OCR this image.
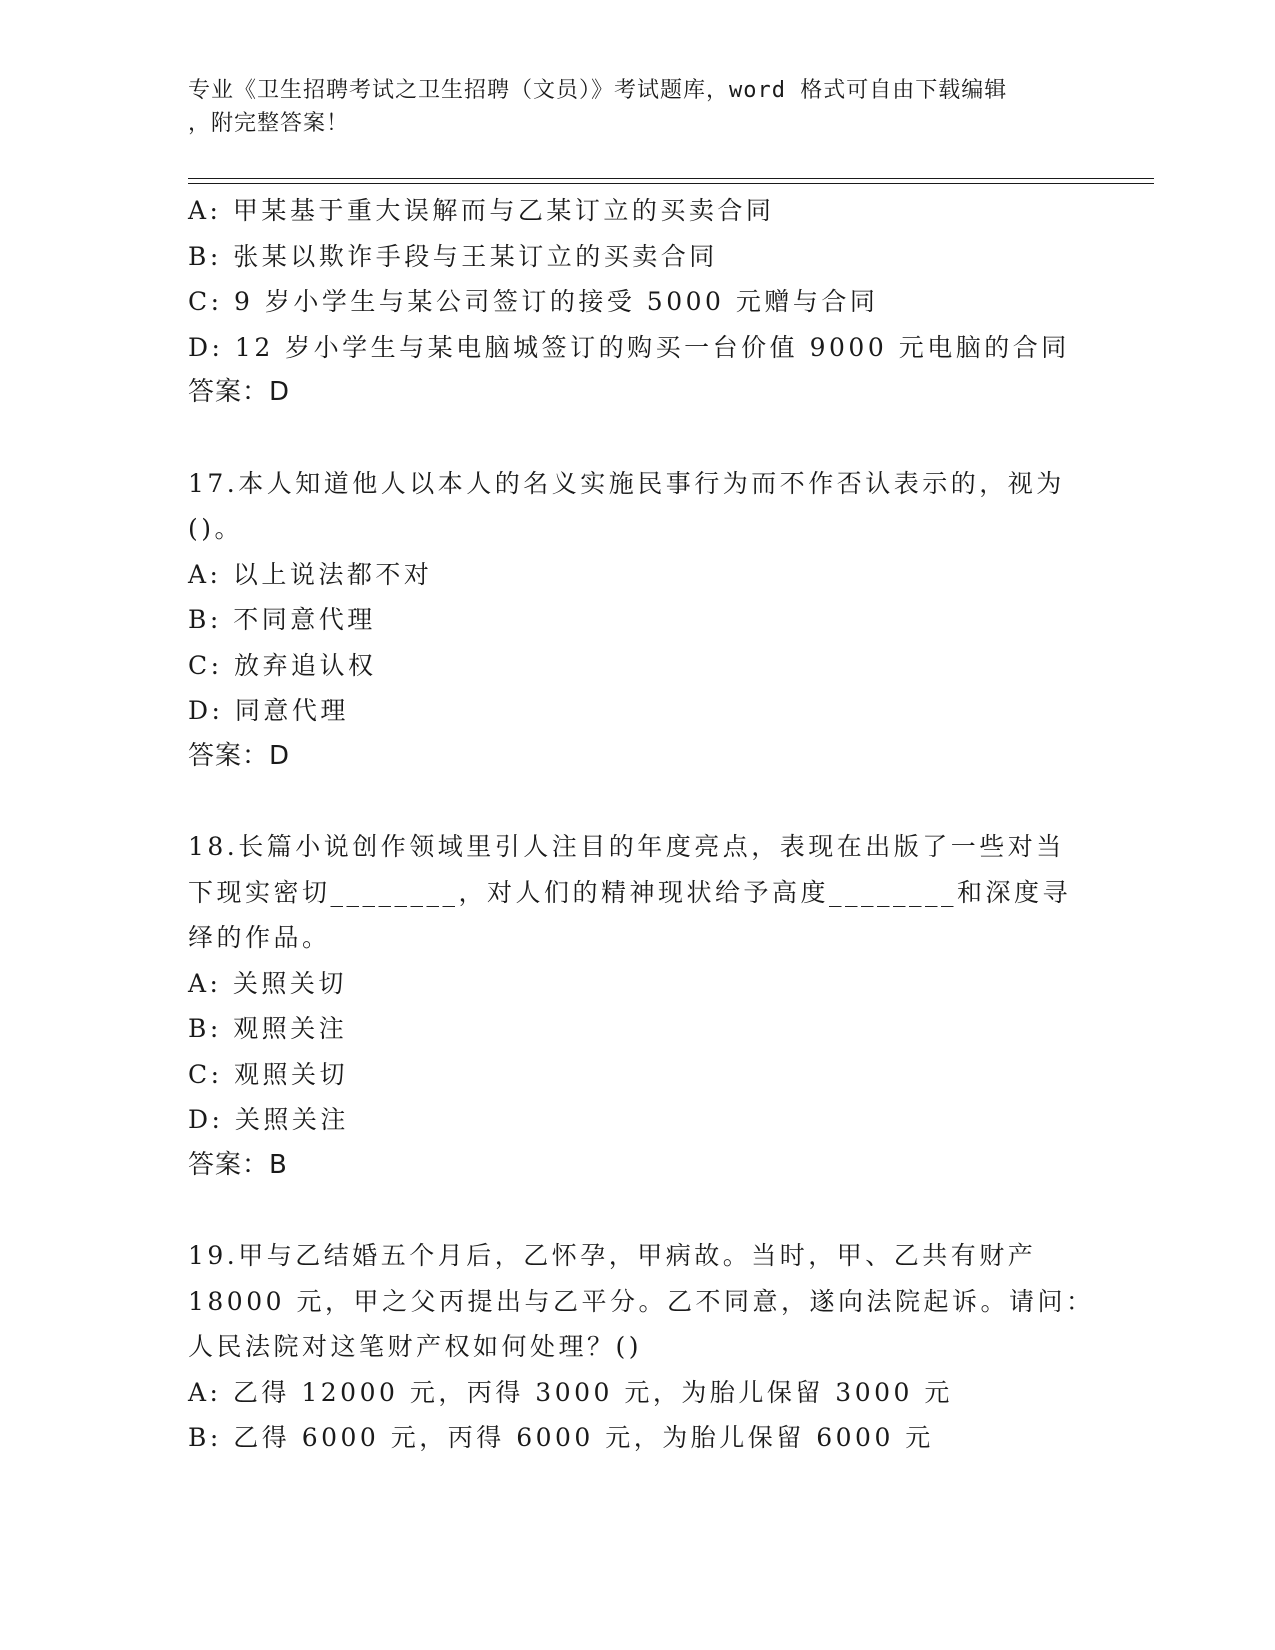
专业《卫生招聘考试之卫生招聘（文员）》考试题库，word 格式可自由下载编辑
，附完整答案！
A: 甲某基于重大误解而与乙某订立的买卖合同
B: 张某以欺诈手段与王某订立的买卖合同
C: 9 岁小学生与某公司签订的接受 5000 元赠与合同
D: 12 岁小学生与某电脑城签订的购买一台价值 9000 元电脑的合同
答案：D
17.本人知道他人以本人的名义实施民事行为而不作否认表示的，视为
()。
A: 以上说法都不对
B: 不同意代理
C: 放弃追认权
D: 同意代理
答案：D
18.长篇小说创作领域里引人注目的年度亮点，表现在出版了一些对当
下现实密切________，对人们的精神现状给予高度________和深度寻
绎的作品。
A: 关照关切
B: 观照关注
C: 观照关切
D: 关照关注
答案：B
19.甲与乙结婚五个月后，乙怀孕，甲病故。当时，甲、乙共有财产
18000 元，甲之父丙提出与乙平分。乙不同意，遂向法院起诉。请问：
人民法院对这笔财产权如何处理？()
A: 乙得 12000 元，丙得 3000 元，为胎儿保留 3000 元
B: 乙得 6000 元，丙得 6000 元，为胎儿保留 6000 元
